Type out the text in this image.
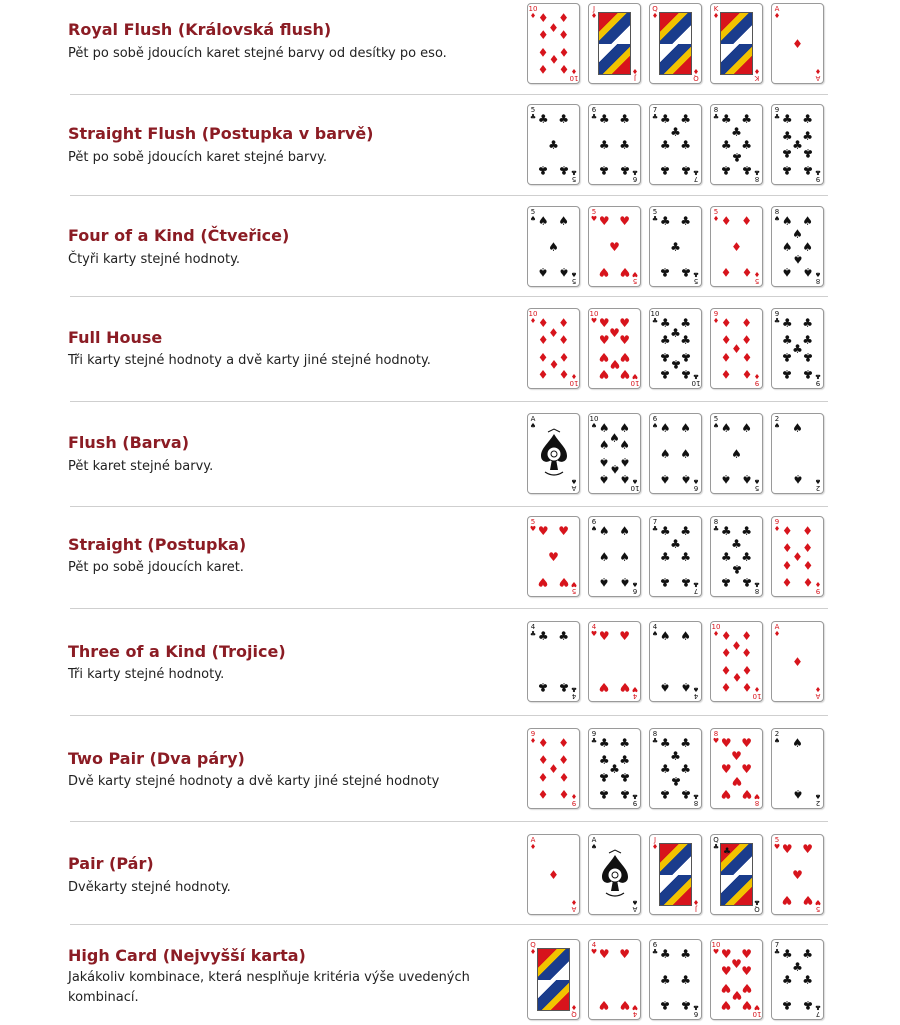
Royal Flush (Královská flush)
Pět po sobě jdoucích karet stejné barvy od desítky po eso.
10
♦
10
♦
♦ ♦
♦
♦ ♦
♦ ♦
♦
♦ ♦
J
♦
J
♦
♦
Q
♦
Q
♦
♦
K
♦
K
♦
♦
A
♦
A
♦
♦
Straight Flush (Postupka v barvě)
Pět po sobě jdoucích karet stejné barvy.
5
♣
5
♣
♣ ♣
♣
♣ ♣
6
♣
6
♣
♣ ♣
♣ ♣
♣ ♣
7
♣
7
♣
♣ ♣
♣
♣ ♣
♣ ♣
8
♣
8
♣
♣ ♣
♣
♣ ♣
♣
♣ ♣
9
♣
9
♣
♣ ♣
♣ ♣
♣
♣ ♣
♣ ♣
Four of a Kind (Čtveřice)
Čtyři karty stejné hodnoty.
5
♠
5
♠
♠ ♠
♠
♠ ♠
5
♥
5
♥
♥ ♥
♥
♥ ♥
5
♣
5
♣
♣ ♣
♣
♣ ♣
5
♦
5
♦
♦ ♦
♦
♦ ♦
8
♠
8
♠
♠ ♠
♠
♠ ♠
♠
♠ ♠
Full House
Tři karty stejné hodnoty a dvě karty jiné stejné hodnoty.
10
♦
10
♦
♦ ♦
♦
♦ ♦
♦ ♦
♦
♦ ♦
10
♥
10
♥
♥ ♥
♥
♥ ♥
♥ ♥
♥
♥ ♥
10
♣
10
♣
♣ ♣
♣
♣ ♣
♣ ♣
♣
♣ ♣
9
♦
9
♦
♦ ♦
♦ ♦
♦
♦ ♦
♦ ♦
9
♣
9
♣
♣ ♣
♣ ♣
♣
♣ ♣
♣ ♣
Flush (Barva)
Pět karet stejné barvy.
A
♠
A
♠
10
♠
10
♠
♠ ♠
♠
♠ ♠
♠ ♠
♠
♠ ♠
6
♠
6
♠
♠ ♠
♠ ♠
♠ ♠
5
♠
5
♠
♠ ♠
♠
♠ ♠
2
♠
2
♠
♠
♠
Straight (Postupka)
Pět po sobě jdoucích karet.
5
♥
5
♥
♥ ♥
♥
♥ ♥
6
♠
6
♠
♠ ♠
♠ ♠
♠ ♠
7
♣
7
♣
♣ ♣
♣
♣ ♣
♣ ♣
8
♣
8
♣
♣ ♣
♣
♣ ♣
♣
♣ ♣
9
♦
9
♦
♦ ♦
♦ ♦
♦
♦ ♦
♦ ♦
Three of a Kind (Trojice)
Tři karty stejné hodnoty.
4
♣
4
♣
♣ ♣
♣ ♣
4
♥
4
♥
♥ ♥
♥ ♥
4
♠
4
♠
♠ ♠
♠ ♠
10
♦
10
♦
♦ ♦
♦
♦ ♦
♦ ♦
♦
♦ ♦
A
♦
A
♦
♦
Two Pair (Dva páry)
Dvě karty stejné hodnoty a dvě karty jiné stejné hodnoty
9
♦
9
♦
♦ ♦
♦ ♦
♦
♦ ♦
♦ ♦
9
♣
9
♣
♣ ♣
♣ ♣
♣
♣ ♣
♣ ♣
8
♣
8
♣
♣ ♣
♣
♣ ♣
♣
♣ ♣
8
♥
8
♥
♥ ♥
♥
♥ ♥
♥
♥ ♥
2
♠
2
♠
♠
♠
Pair (Pár)
Dvěkarty stejné hodnoty.
A
♦
A
♦
♦
A
♠
A
♠
J
♦
J
♦
♦
Q
♣
Q
♣
♣
5
♥
5
♥
♥ ♥
♥
♥ ♥
High Card (Nejvyšší karta)
Jakákoliv kombinace, která nesplňuje kritéria výše uvedených kombinací.
Q
♦
Q
♦
♦
4
♥
4
♥
♥ ♥
♥ ♥
6
♣
6
♣
♣ ♣
♣ ♣
♣ ♣
10
♥
10
♥
♥ ♥
♥
♥ ♥
♥ ♥
♥
♥ ♥
7
♣
7
♣
♣ ♣
♣
♣ ♣
♣ ♣
